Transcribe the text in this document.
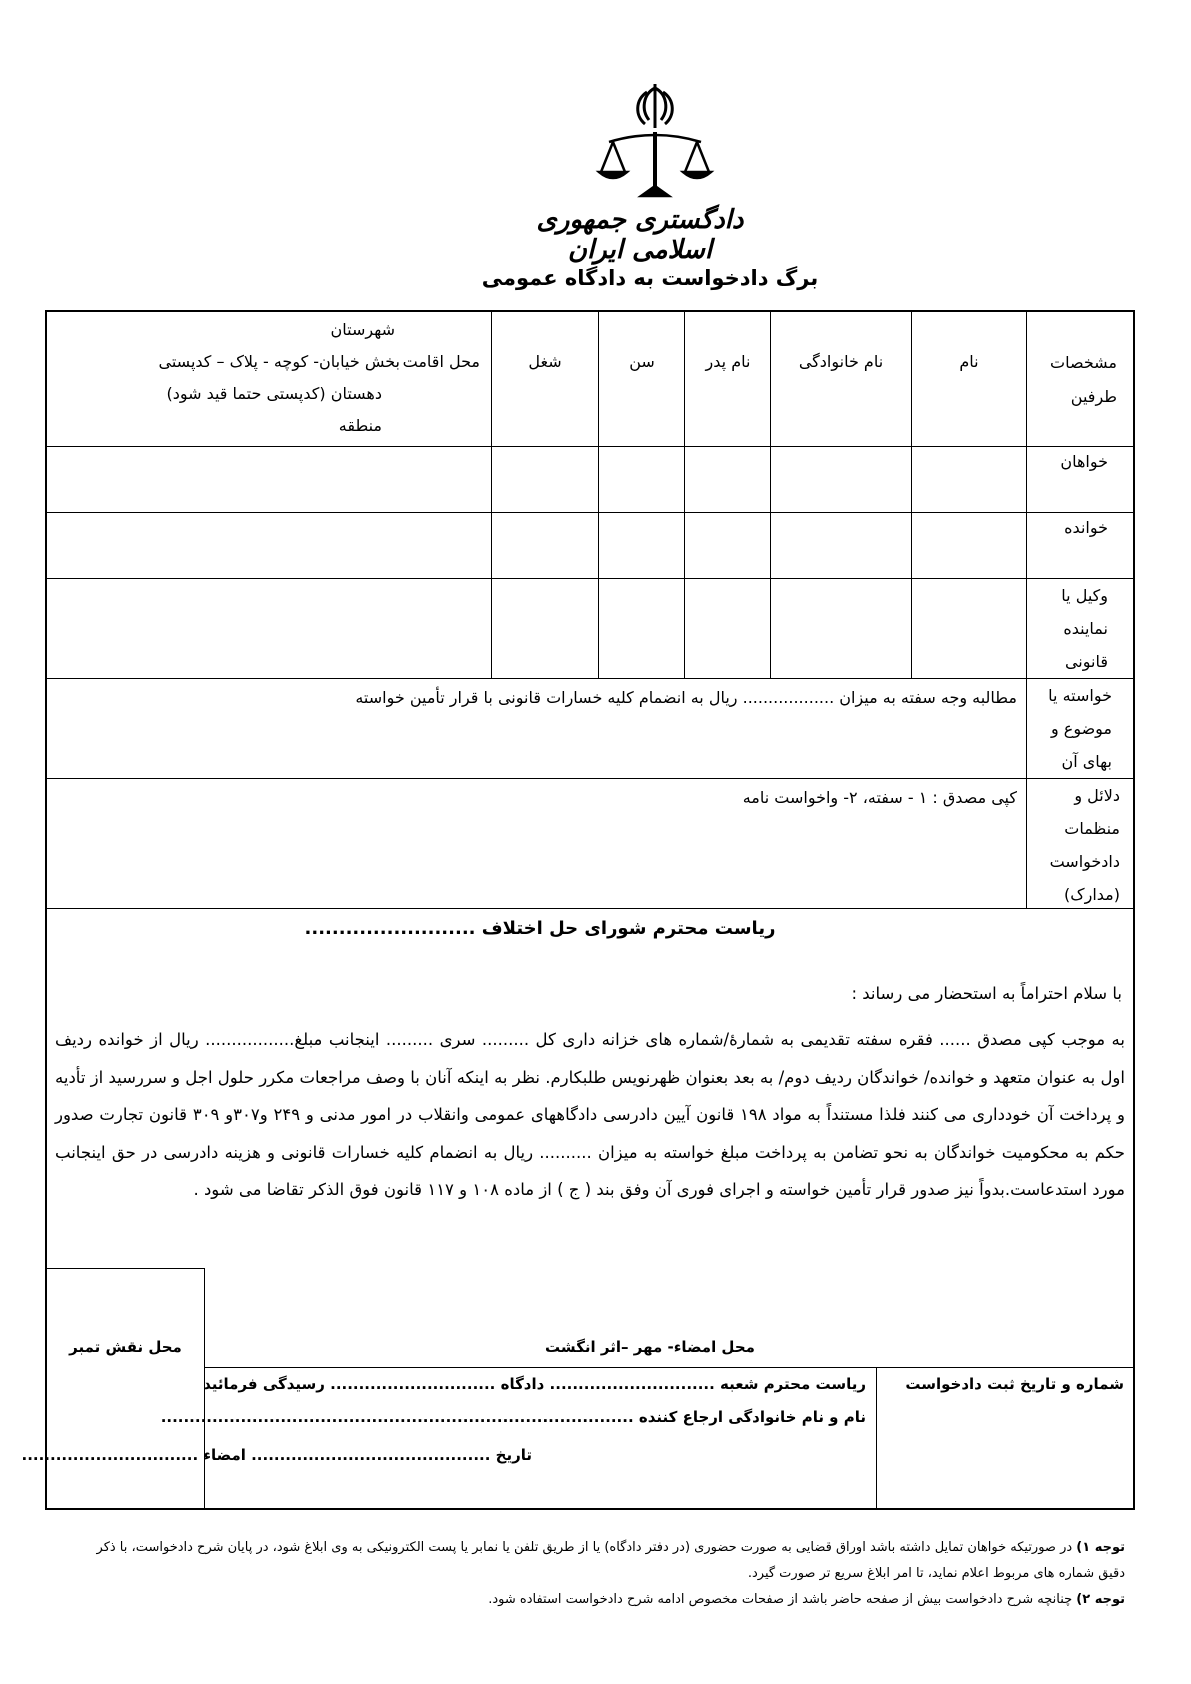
دادگستری جمهوری اسلامی ایران
برگ دادخواست به دادگاه عمومی
مشخصات طرفین
نام
نام خانوادگی
نام پدر
سن
شغل
محل اقامت
شهرستان
بخش خیابان- کوچه - پلاک – کدپستی
دهستان (کدپستی حتما قید شود)
منطقه
خواهان
خوانده
وکیل یا نماینده قانونی
خواسته یا موضوع و بهای آن
مطالبه وجه سفته به میزان .................. ریال به انضمام کلیه خسارات قانونی با قرار تأمین خواسته
دلائل و منظمات دادخواست (مدارک)
کپی مصدق : ۱ - سفته، ۲- واخواست نامه
ریاست محترم شورای حل اختلاف .........................
با سلام احتراماً به استحضار می رساند :

به موجب کپی مصدق ...... فقره سفته تقدیمی به شمارهٔ/شماره های خزانه داری کل ......... سری ......... اینجانب مبلغ................. ریال از خوانده ردیف اول به عنوان متعهد و خوانده/ خواندگان ردیف دوم/ به بعد بعنوان ظهرنویس طلبکارم. نظر به اینکه آنان با وصف مراجعات مکرر حلول اجل و سررسید از تأدیه و پرداخت آن خودداری می کنند فلذا مستنداً به مواد ۱۹۸ قانون آیین دادرسی دادگاههای عمومی وانقلاب در امور مدنی و ۲۴۹ و۳۰۷و ۳۰۹ قانون تجارت صدور حکم به محکومیت خواندگان به نحو تضامن به پرداخت مبلغ خواسته به میزان .......... ریال به انضمام کلیه خسارات قانونی و هزینه دادرسی در حق اینجانب مورد استدعاست.بدواً نیز صدور قرار تأمین خواسته و اجرای فوری آن وفق بند ( ج ) از ماده ۱۰۸ و ۱۱۷ قانون فوق الذکر تقاضا می شود .

محل نقش تمبر	محل امضاء- مهر –اثر انگشت
شماره و تاریخ ثبت دادخواست
ریاست محترم شعبه ............................. دادگاه ............................. رسیدگی فرمائید
نام و نام خانوادگی ارجاع کننده ...................................................................................
تاریخ .......................................... امضاء ...............................

توجه ۱) در صورتیکه خواهان تمایل داشته باشد اوراق قضایی به صورت حضوری (در دفتر دادگاه) یا از طریق تلفن یا نمابر یا پست الکترونیکی به وی ابلاغ شود، در پایان شرح دادخواست، با ذکر دقیق شماره های مربوط اعلام نماید، تا امر ابلاغ سریع تر صورت گیرد.

توجه ۲) چنانچه شرح دادخواست بیش از صفحه حاضر باشد از صفحات مخصوص ادامه شرح دادخواست استفاده شود.
